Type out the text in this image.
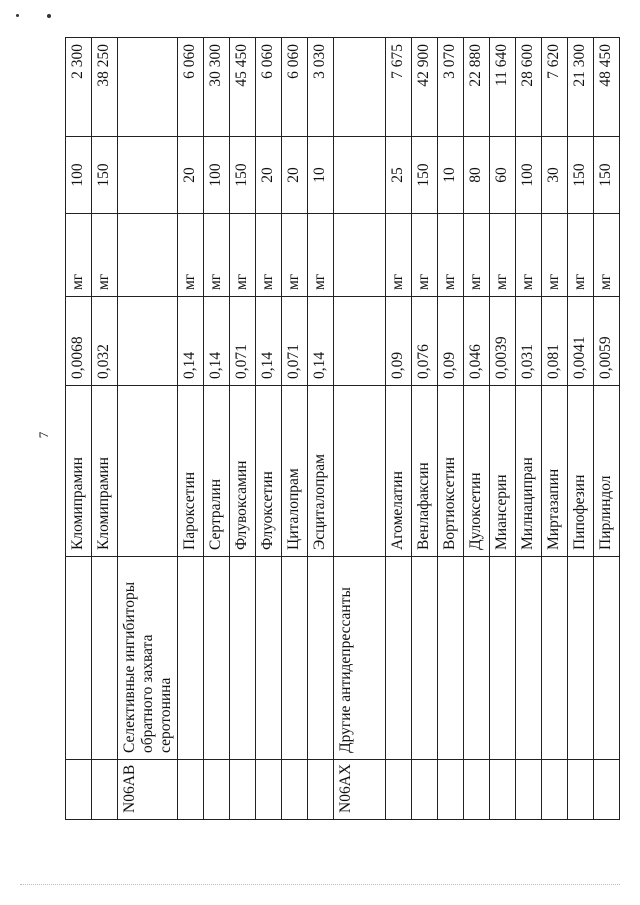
7
		Кломипрамин	0,0068	мг	100	2 300
		Кломипрамин	0,032	мг	150	38 250
N06AB	Селективные ингибиторы обратного захвата серотонина					
		Пароксетин	0,14	мг	20	6 060
		Сертралин	0,14	мг	100	30 300
		Флувоксамин	0,071	мг	150	45 450
		Флуоксетин	0,14	мг	20	6 060
		Циталопрам	0,071	мг	20	6 060
		Эсциталопрам	0,14	мг	10	3 030
N06AX	Другие антидепрессанты					
		Агомелатин	0,09	мг	25	7 675
		Венлафаксин	0,076	мг	150	42 900
		Вортиоксетин	0,09	мг	10	3 070
		Дулоксетин	0,046	мг	80	22 880
		Миансерин	0,0039	мг	60	11 640
		Милнаципран	0,031	мг	100	28 600
		Миртазапин	0,081	мг	30	7 620
		Пипофезин	0,0041	мг	150	21 300
		Пирлиндол	0,0059	мг	150	48 450
